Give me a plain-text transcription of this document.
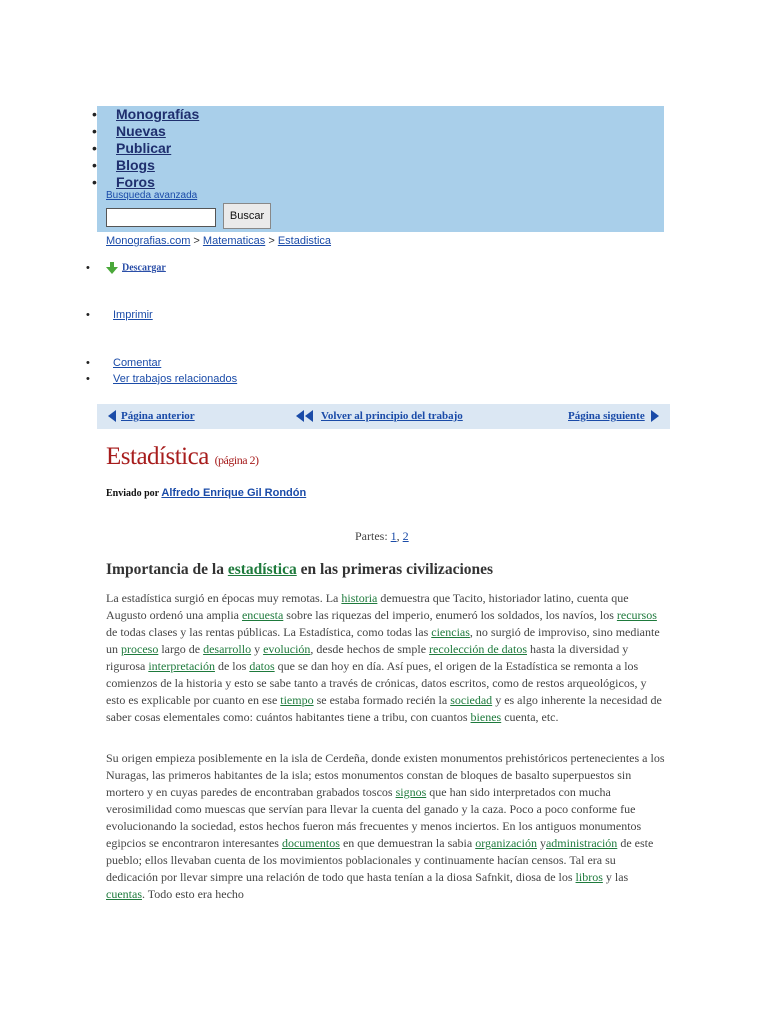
• Monografías
• Nuevas
• Publicar
• Blogs
• Foros
Busqueda avanzada
Buscar
Monografias.com > Matematicas > Estadistica
•	Descargar
• Imprimir
• Comentar
• Ver trabajos relacionados
Página anterior	Volver al principio del trabajo	Página siguiente
Estadística (página 2)
Enviado por Alfredo Enrique Gil Rondón
Partes: 1, 2
Importancia de la estadística en las primeras civilizaciones
La estadística surgió en épocas muy remotas. La historia demuestra que Tacito, historiador latino, cuenta que Augusto ordenó una amplia encuesta sobre las riquezas del imperio, enumeró los soldados, los navíos, los recursos de todas clases y las rentas públicas. La Estadística, como todas las ciencias, no surgió de improviso, sino mediante un proceso largo de desarrollo y evolución, desde hechos de smple recolección de datos hasta la diversidad y rigurosa interpretación de los datos que se dan hoy en día. Así pues, el origen de la Estadística se remonta a los comienzos de la historia y esto se sabe tanto a través de crónicas, datos escritos, como de restos arqueológicos, y esto es explicable por cuanto en ese tiempo se estaba formado recién la sociedad y es algo inherente la necesidad de saber cosas elementales como: cuántos habitantes tiene a tribu, con cuantos bienes cuenta, etc.
Su origen empieza posiblemente en la isla de Cerdeña, donde existen monumentos prehistóricos pertenecientes a los Nuragas, las primeros habitantes de la isla; estos monumentos constan de bloques de basalto superpuestos sin mortero y en cuyas paredes de encontraban grabados toscos signos que han sido interpretados con mucha verosimilidad como muescas que servían para llevar la cuenta del ganado y la caza. Poco a poco conforme fue evolucionando la sociedad, estos hechos fueron más frecuentes y menos inciertos. En los antiguos monumentos egipcios se encontraron interesantes documentos en que demuestran la sabia organización yadministración de este pueblo; ellos llevaban cuenta de los movimientos poblacionales y continuamente hacían censos. Tal era su dedicación por llevar simpre una relación de todo que hasta tenían a la diosa Safnkit, diosa de los libros y las cuentas. Todo esto era hecho
